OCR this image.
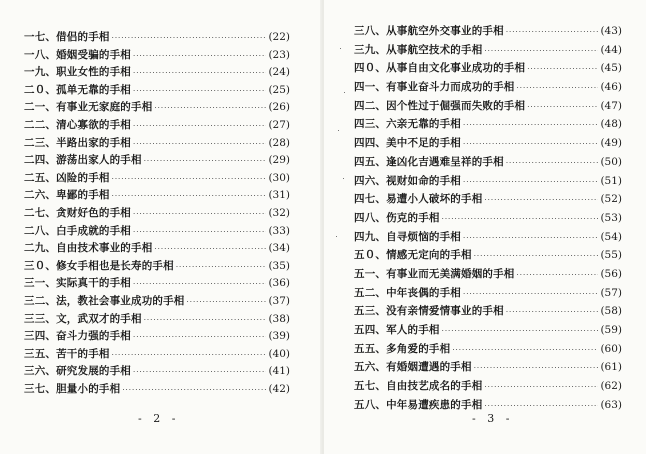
一七、借侣的手相 ·····	(22)
一八、婚姻受骗的手相 ·····	(23)
一九、职业女性的手相 ·····	(24)
二０、孤单无靠的手相 ·····	(25)
二一、有事业无家庭的手相 ·····	(26)
二二、清心寡欲的手相 ·····	(27)
二三、半路出家的手相 ·····	(28)
二四、游荡出家人的手相 ·····	(29)
二五、凶险的手相 ·····	(30)
二六、卑鄙的手相 ·····	(31)
二七、贪财好色的手相 ·····	(32)
二八、白手成就的手相 ·····	(33)
二九、自由技术事业的手相 ·····	(34)
三０、修女手相也是长寿的手相 ·····	(35)
三一、实际真干的手相 ·····	(36)
三二、法，教社会事业成功的手相 ·····	(37)
三三、文，武双才的手相 ·····	(38)
三四、奋斗力强的手相 ·····	(39)
三五、苦干的手相 ·····	(40)
三六、研究发展的手相 ·····	(41)
三七、胆量小的手相 ·····	(42)
- 2 -
三八、从事航空外交事业的手相 ·····	(43)
三九、从事航空技术的手相 ·····	(44)
四０、从事自由文化事业成功的手相 ·····	(45)
四一、有事业奋斗力而成功的手相 ·····	(46)
四二、因个性过于倔强而失败的手相 ·····	(47)
四三、六亲无靠的手相 ·····	(48)
四四、美中不足的手相 ·····	(49)
四五、逢凶化吉遇难呈祥的手相 ·····	(50)
四六、视财如命的手相 ·····	(51)
四七、易遭小人破坏的手相 ·····	(52)
四八、伤克的手相 ·····	(53)
四九、自寻烦恼的手相 ·····	(54)
五０、情感无定向的手相 ·····	(55)
五一、有事业而无美满婚姻的手相 ·····	(56)
五二、中年丧偶的手相 ·····	(57)
五三、没有亲情爱情事业的手相 ·····	(58)
五四、军人的手相 ·····	(59)
五五、多角爱的手相 ·····	(60)
五六、有婚姻遭遇的手相 ·····	(61)
五七、自由技艺成名的手相 ·····	(62)
五八、中年易遭疾患的手相 ·····	(63)
- 3 -
